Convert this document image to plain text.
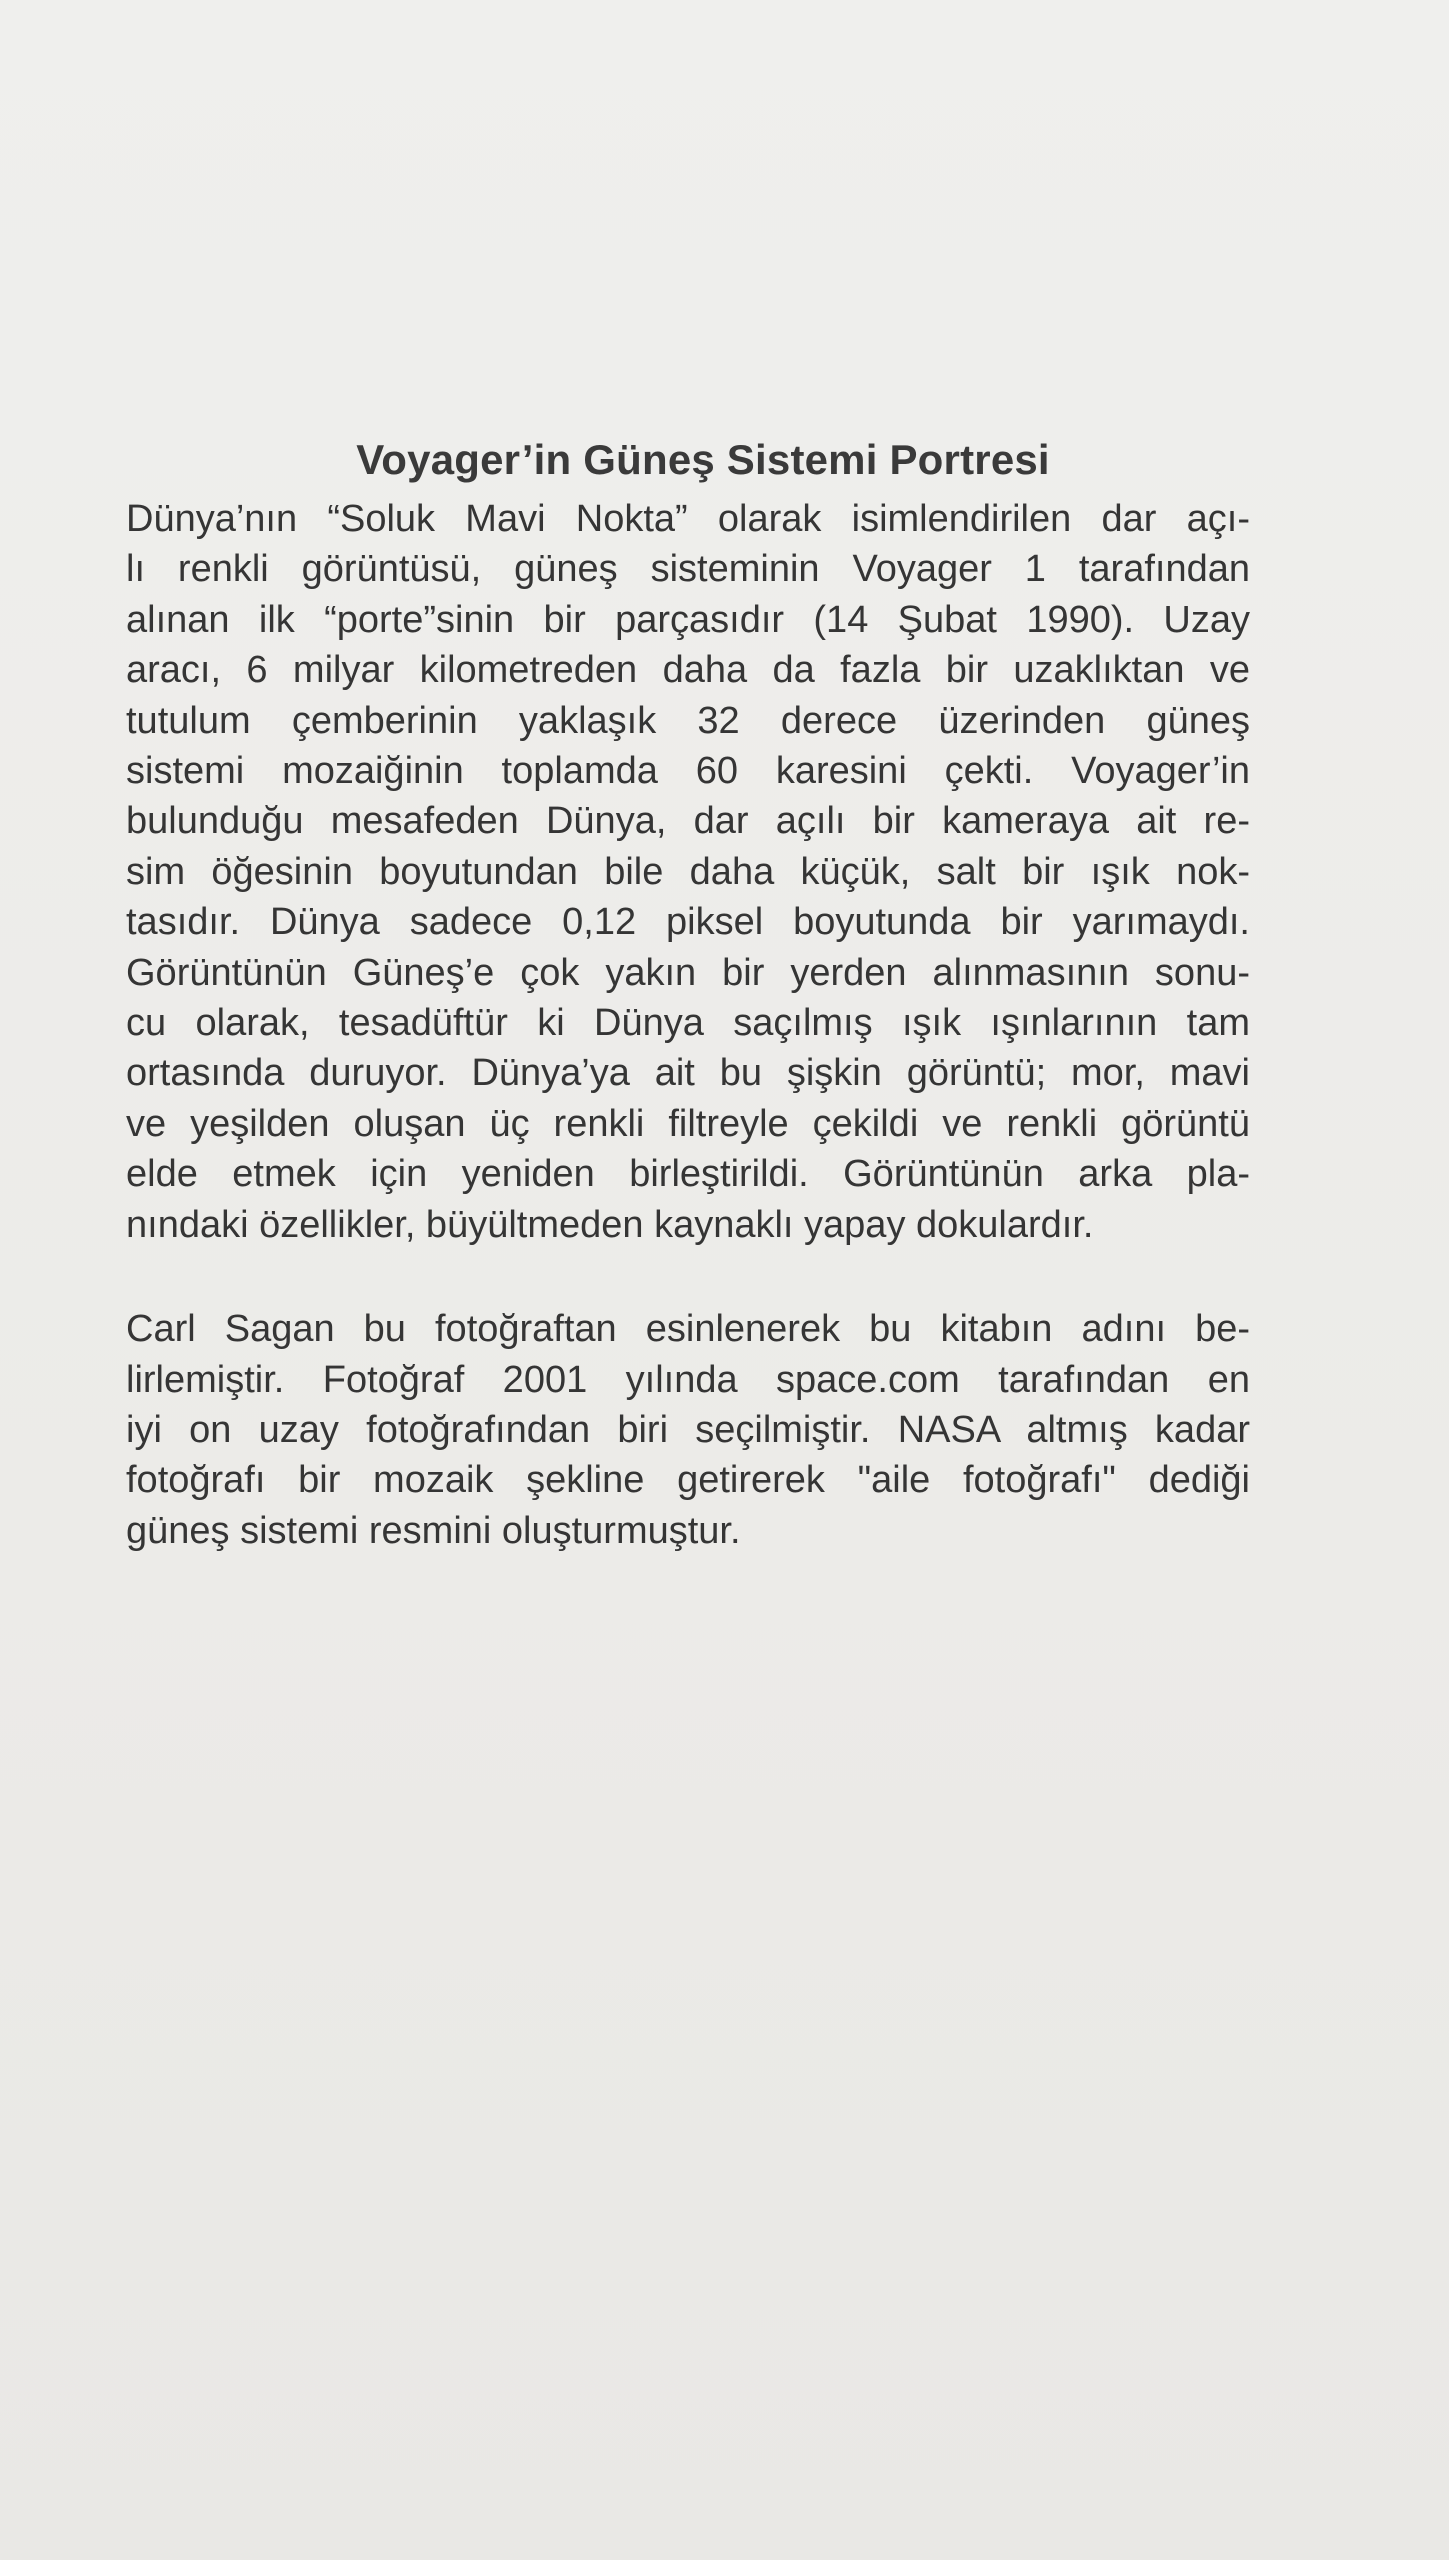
Voyager’in Güneş Sistemi Portresi
Dünya’nın “Soluk Mavi Nokta” olarak isimlendirilen dar açı-
lı renkli görüntüsü, güneş sisteminin Voyager 1 tarafından
alınan ilk “porte”sinin bir parçasıdır (14 Şubat 1990). Uzay
aracı, 6 milyar kilometreden daha da fazla bir uzaklıktan ve
tutulum çemberinin yaklaşık 32 derece üzerinden güneş
sistemi mozaiğinin toplamda 60 karesini çekti. Voyager’in
bulunduğu mesafeden Dünya, dar açılı bir kameraya ait re-
sim öğesinin boyutundan bile daha küçük, salt bir ışık nok-
tasıdır. Dünya sadece 0,12 piksel boyutunda bir yarımaydı.
Görüntünün Güneş’e çok yakın bir yerden alınmasının sonu-
cu olarak, tesadüftür ki Dünya saçılmış ışık ışınlarının tam
ortasında duruyor. Dünya’ya ait bu şişkin görüntü; mor, mavi
ve yeşilden oluşan üç renkli filtreyle çekildi ve renkli görüntü
elde etmek için yeniden birleştirildi. Görüntünün arka pla-
nındaki özellikler, büyültmeden kaynaklı yapay dokulardır.
Carl Sagan bu fotoğraftan esinlenerek bu kitabın adını be-
lirlemiştir. Fotoğraf 2001 yılında space.com tarafından en
iyi on uzay fotoğrafından biri seçilmiştir. NASA altmış kadar
fotoğrafı bir mozaik şekline getirerek "aile fotoğrafı" dediği
güneş sistemi resmini oluşturmuştur.
